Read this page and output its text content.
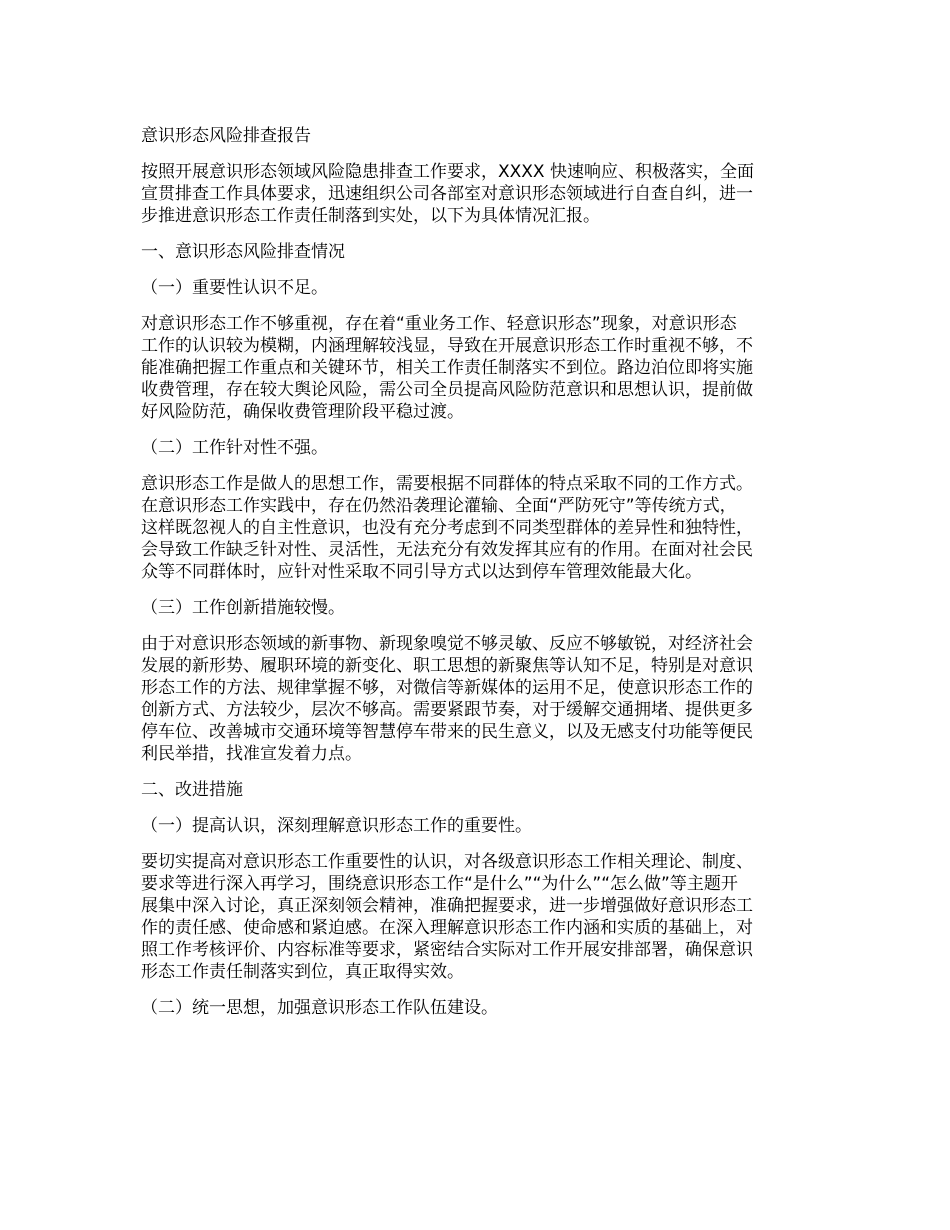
意识形态风险排查报告
按照开展意识形态领域风险隐患排查工作要求，XXXX 快速响应、积极落实，全面
宣贯排查工作具体要求，迅速组织公司各部室对意识形态领域进行自查自纠，进一
步推进意识形态工作责任制落到实处，以下为具体情况汇报。
一、意识形态风险排查情况
（一）重要性认识不足。
对意识形态工作不够重视，存在着“重业务工作、轻意识形态”现象，对意识形态
工作的认识较为模糊，内涵理解较浅显，导致在开展意识形态工作时重视不够，不
能准确把握工作重点和关键环节，相关工作责任制落实不到位。路边泊位即将实施
收费管理，存在较大舆论风险，需公司全员提高风险防范意识和思想认识，提前做
好风险防范，确保收费管理阶段平稳过渡。
（二）工作针对性不强。
意识形态工作是做人的思想工作，需要根据不同群体的特点采取不同的工作方式。
在意识形态工作实践中，存在仍然沿袭理论灌输、全面“严防死守”等传统方式，
这样既忽视人的自主性意识，也没有充分考虑到不同类型群体的差异性和独特性，
会导致工作缺乏针对性、灵活性，无法充分有效发挥其应有的作用。在面对社会民
众等不同群体时，应针对性采取不同引导方式以达到停车管理效能最大化。
（三）工作创新措施较慢。
由于对意识形态领域的新事物、新现象嗅觉不够灵敏、反应不够敏锐，对经济社会
发展的新形势、履职环境的新变化、职工思想的新聚焦等认知不足，特别是对意识
形态工作的方法、规律掌握不够，对微信等新媒体的运用不足，使意识形态工作的
创新方式、方法较少，层次不够高。需要紧跟节奏，对于缓解交通拥堵、提供更多
停车位、改善城市交通环境等智慧停车带来的民生意义，以及无感支付功能等便民
利民举措，找准宣发着力点。
二、改进措施
（一）提高认识，深刻理解意识形态工作的重要性。
要切实提高对意识形态工作重要性的认识，对各级意识形态工作相关理论、制度、
要求等进行深入再学习，围绕意识形态工作“是什么”“为什么”“怎么做”等主题开
展集中深入讨论，真正深刻领会精神，准确把握要求，进一步增强做好意识形态工
作的责任感、使命感和紧迫感。在深入理解意识形态工作内涵和实质的基础上，对
照工作考核评价、内容标准等要求，紧密结合实际对工作开展安排部署，确保意识
形态工作责任制落实到位，真正取得实效。
（二）统一思想，加强意识形态工作队伍建设。
